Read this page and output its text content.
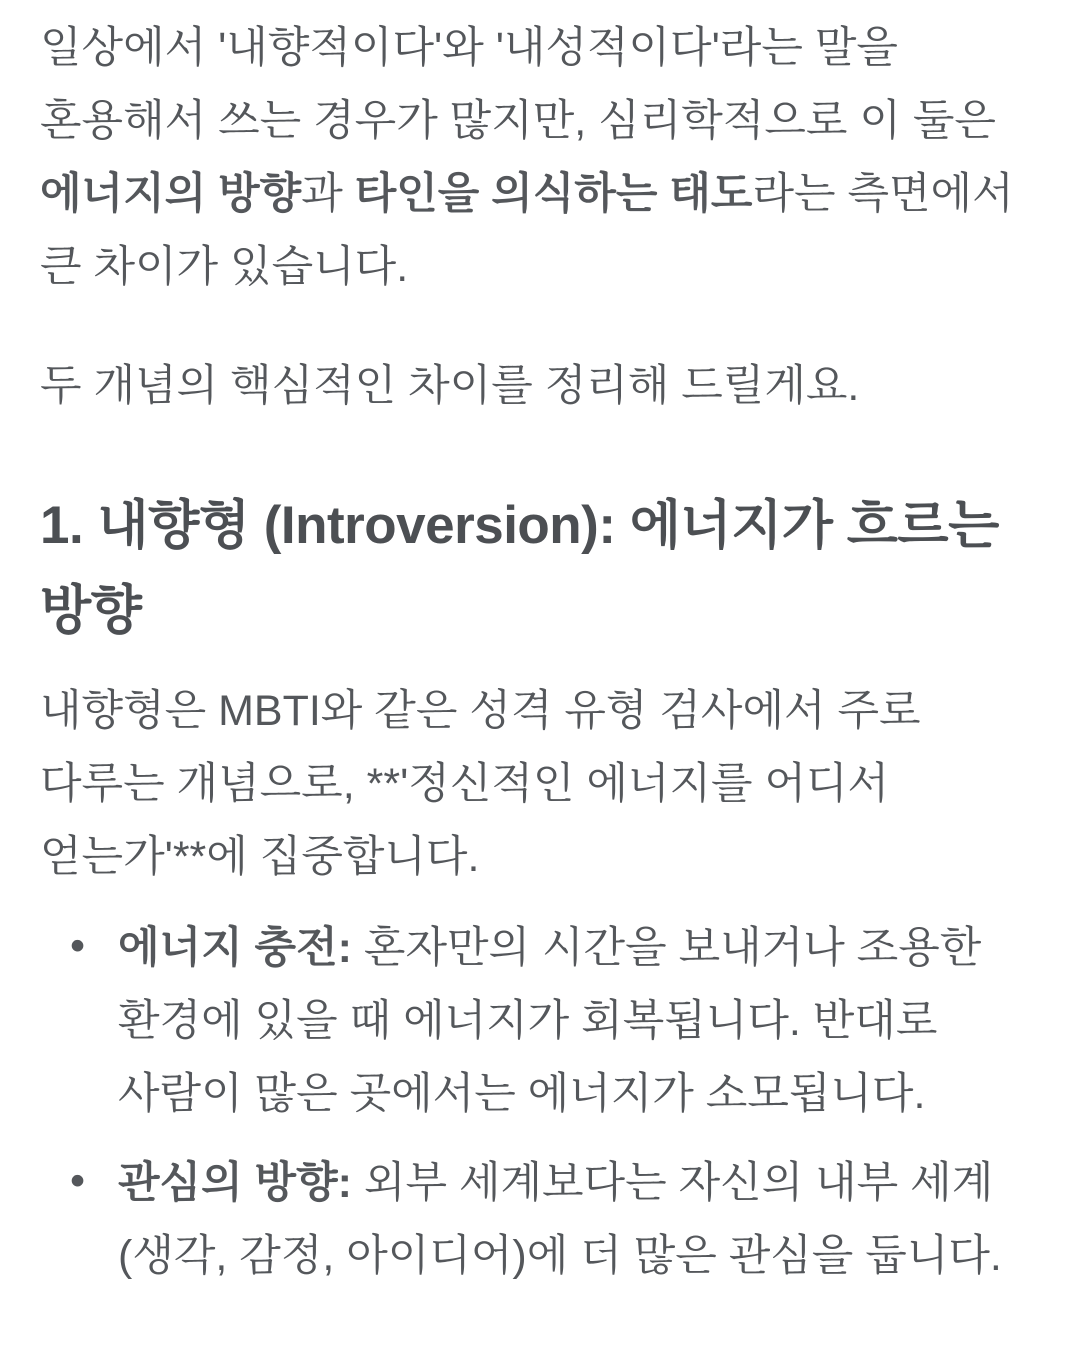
일상에서 '내향적이다'와 '내성적이다'라는 말을 혼용해서 쓰는 경우가 많지만, 심리학적으로 이 둘은 에너지의 방향과 타인을 의식하는 태도라는 측면에서 큰 차이가 있습니다.

두 개념의 핵심적인 차이를 정리해 드릴게요.

1. 내향형 (Introversion): 에너지가 흐르는 방향

내향형은 MBTI와 같은 성격 유형 검사에서 주로 다루는 개념으로, **'정신적인 에너지를 어디서 얻는가'**에 집중합니다.

• 에너지 충전: 혼자만의 시간을 보내거나 조용한 환경에 있을 때 에너지가 회복됩니다. 반대로 사람이 많은 곳에서는 에너지가 소모됩니다.
• 관심의 방향: 외부 세계보다는 자신의 내부 세계(생각, 감정, 아이디어)에 더 많은 관심을 둡니다.
